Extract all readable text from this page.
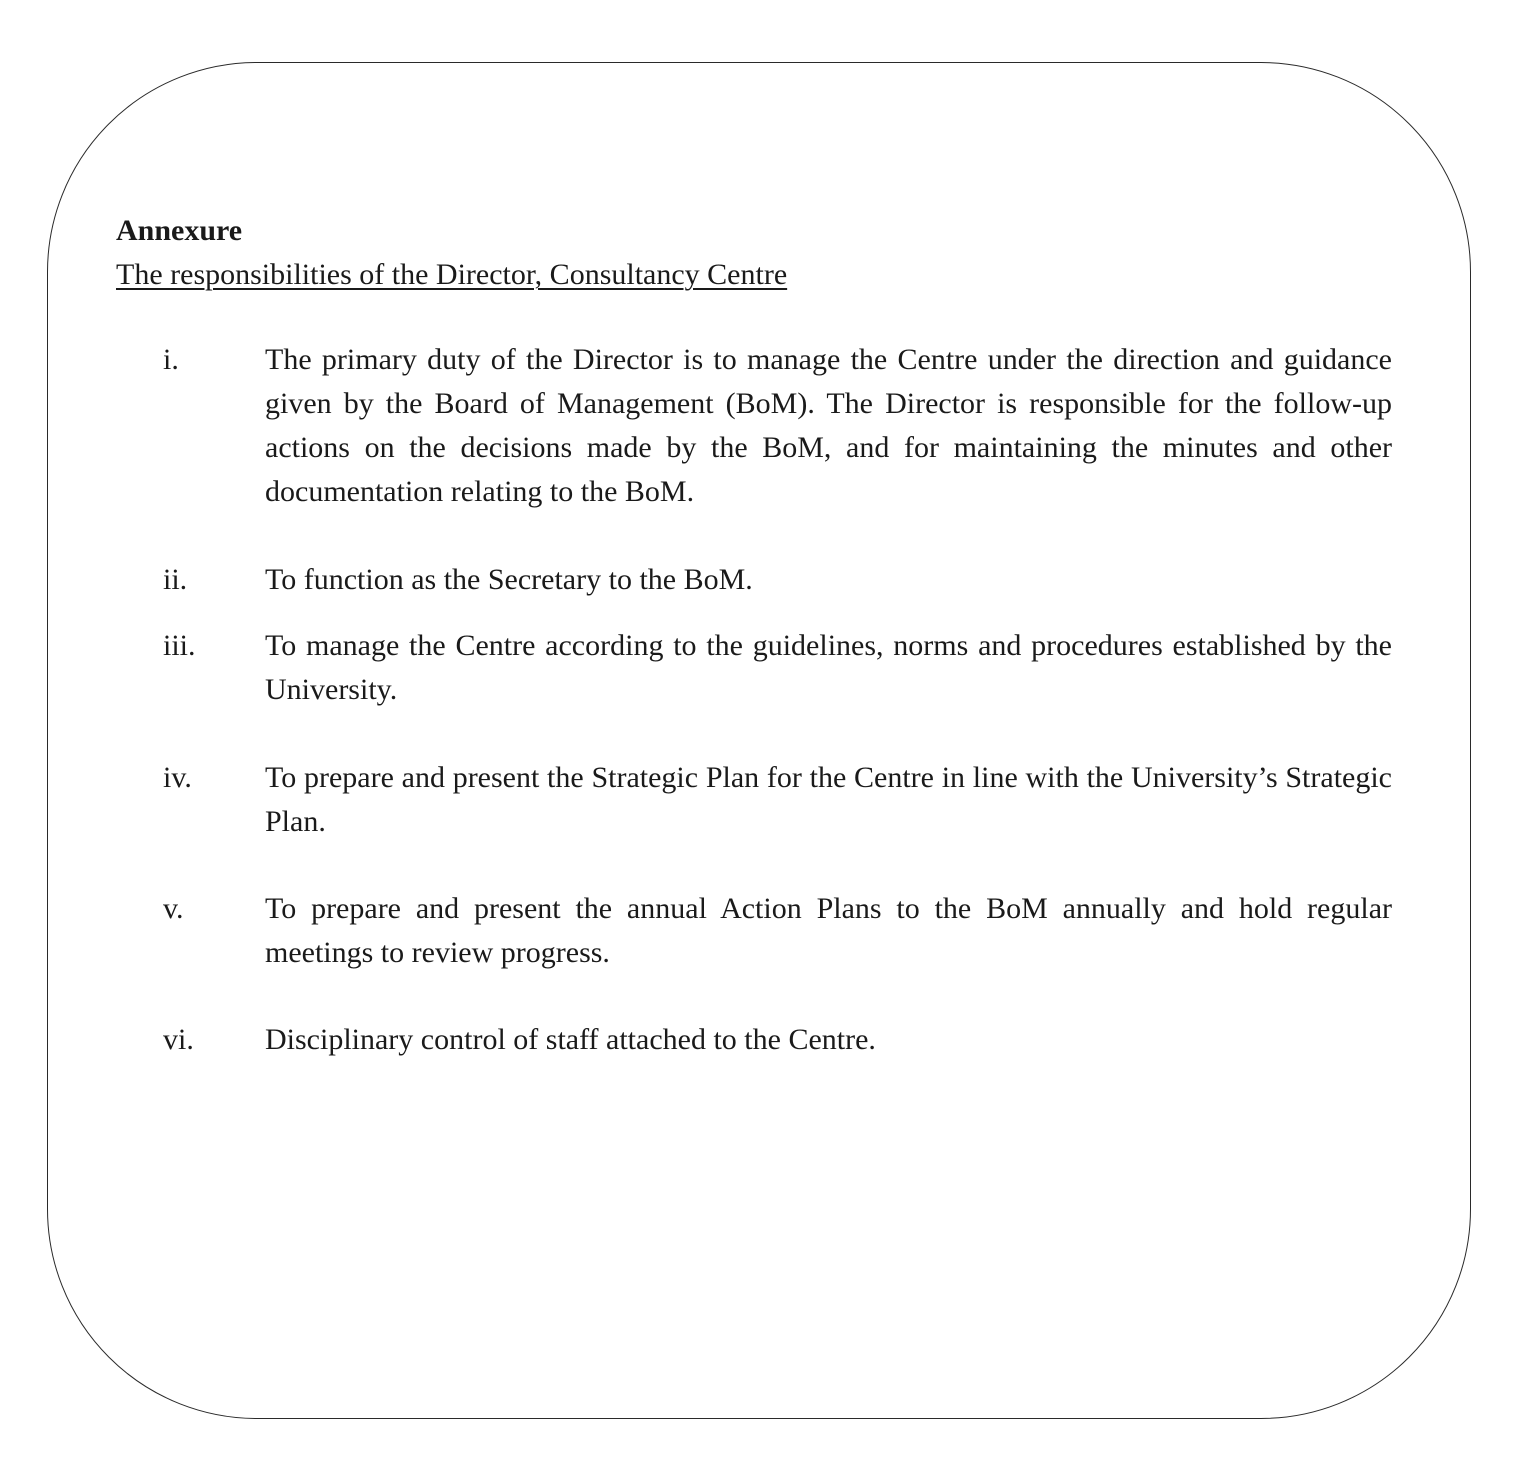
Annexure

The responsibilities of the Director, Consultancy Centre

i.	The primary duty of the Director is to manage the Centre under the direction and guidance given by the Board of Management (BoM). The Director is responsible for the follow-up actions on the decisions made by the BoM, and for maintaining the minutes and other documentation relating to the BoM.

ii.	To function as the Secretary to the BoM.

iii. To manage the Centre according to the guidelines, norms and procedures established by the University.

iv. To prepare and present the Strategic Plan for the Centre in line with the University’s Strategic Plan.

v.	To prepare and present the annual Action Plans to the BoM annually and hold regular meetings to review progress.

vi. Disciplinary control of staff attached to the Centre.
